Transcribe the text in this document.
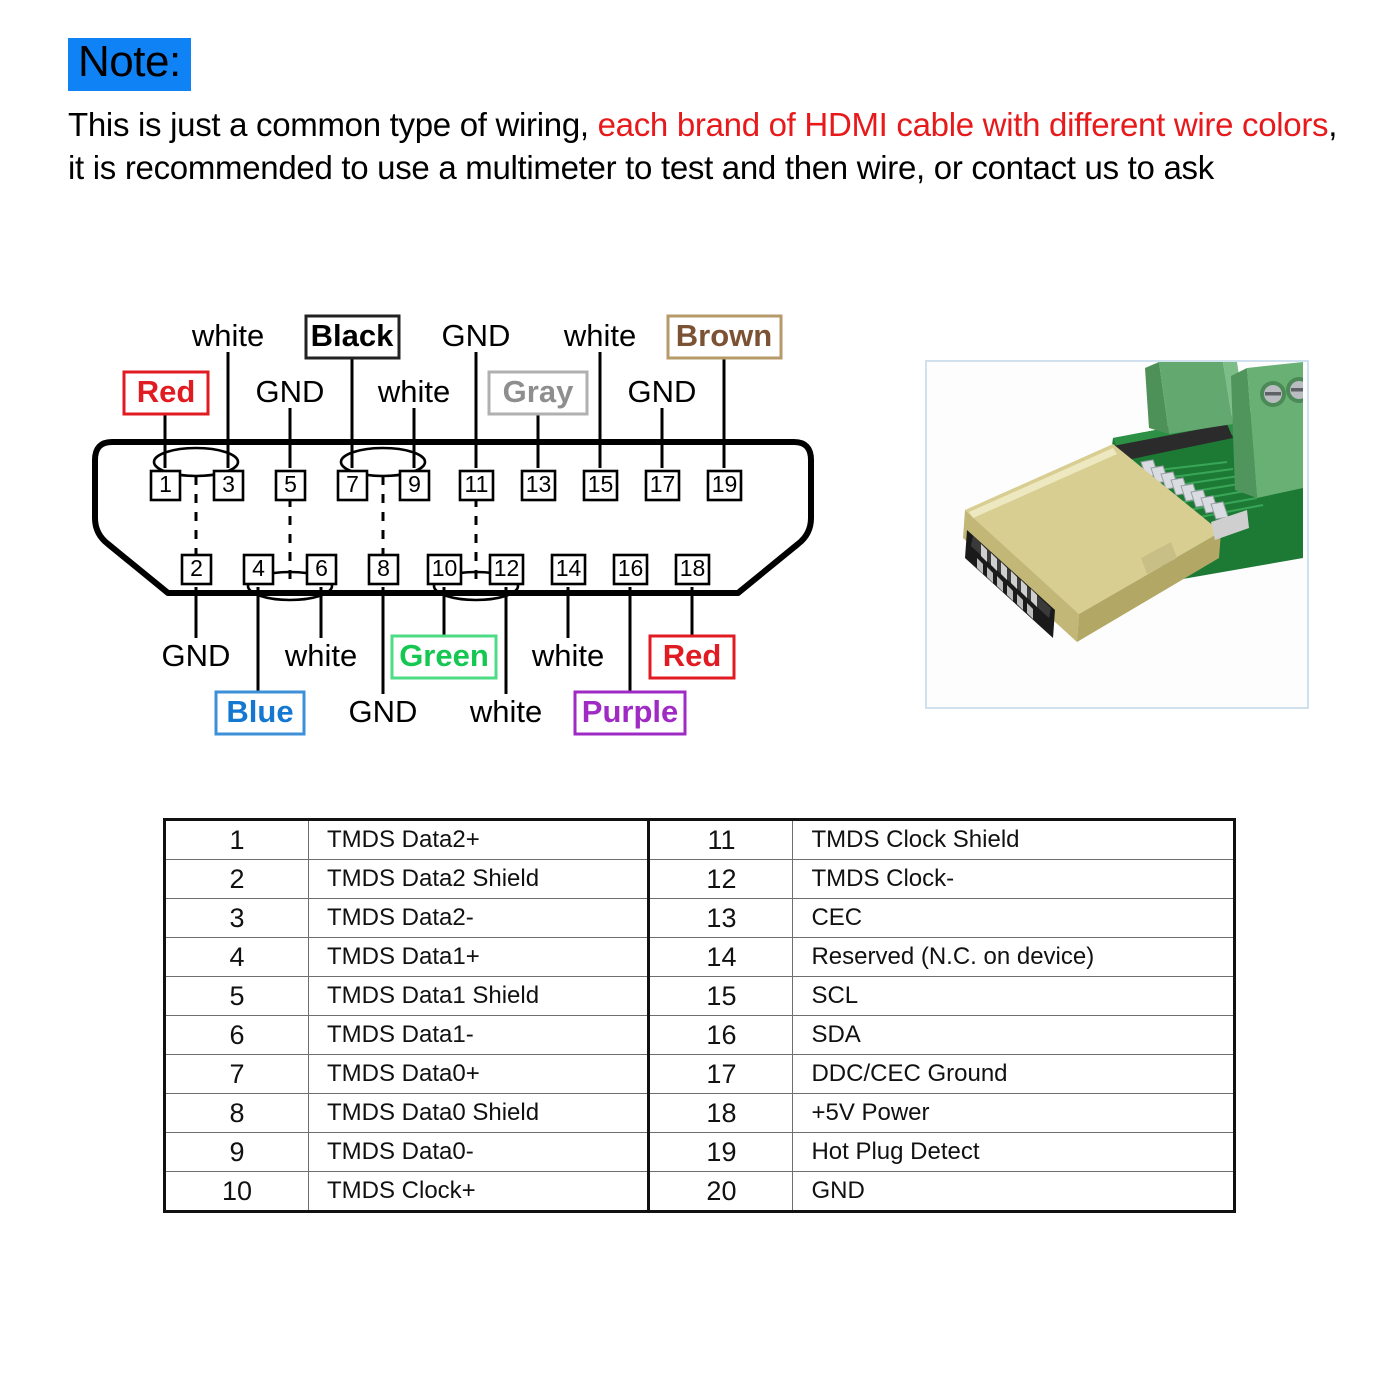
Note:
This is just a common type of wiring, each brand of HDMI cable with different wire colors,
it is recommended to use a multimeter to test and then wire, or contact us to ask
1 3 5 7 9 11 13 15 17 19
2 4 6 8 10 12 14 16 18
white Black GND white Brown
Red GND white Gray GND
GND white Green white Red
Blue GND white Purple
1	TMDS Data2+	11	TMDS Clock Shield
2	TMDS Data2 Shield	12	TMDS Clock-
3	TMDS Data2-	13	CEC
4	TMDS Data1+	14	Reserved (N.C. on device)
5	TMDS Data1 Shield	15	SCL
6	TMDS Data1-	16	SDA
7	TMDS Data0+	17	DDC/CEC Ground
8	TMDS Data0 Shield	18	+5V Power
9	TMDS Data0-	19	Hot Plug Detect
10	TMDS Clock+	20	GND
